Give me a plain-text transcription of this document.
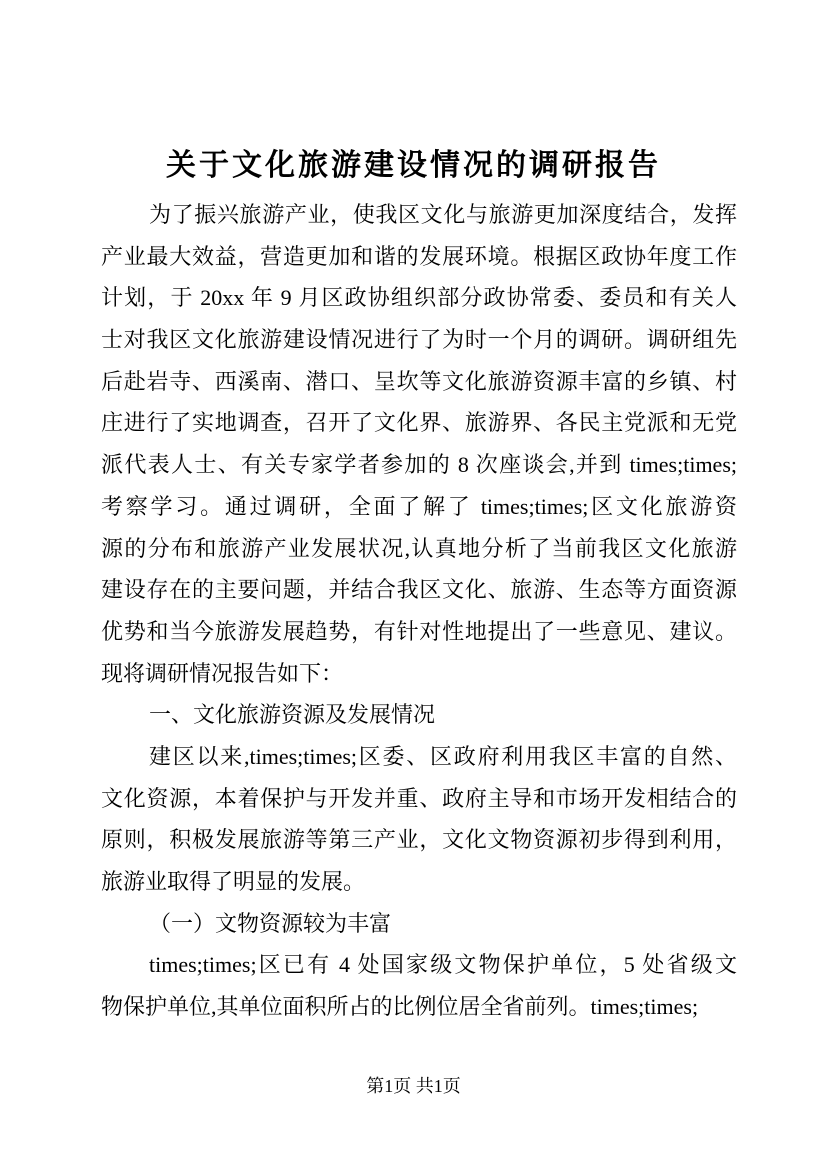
关于文化旅游建设情况的调研报告
为了振兴旅游产业，使我区文化与旅游更加深度结合，发挥
产业最大效益，营造更加和谐的发展环境。根据区政协年度工作
计划，于 20xx 年 9 月区政协组织部分政协常委、委员和有关人
士对我区文化旅游建设情况进行了为时一个月的调研。调研组先
后赴岩寺、西溪南、潜口、呈坎等文化旅游资源丰富的乡镇、村
庄进行了实地调查，召开了文化界、旅游界、各民主党派和无党
派代表人士、有关专家学者参加的 8 次座谈会,并到 times;times;
考察学习。通过调研，全面了解了 times;times;区文化旅游资
源的分布和旅游产业发展状况,认真地分析了当前我区文化旅游
建设存在的主要问题，并结合我区文化、旅游、生态等方面资源
优势和当今旅游发展趋势，有针对性地提出了一些意见、建议。
现将调研情况报告如下：
一、文化旅游资源及发展情况
建区以来,times;times;区委、区政府利用我区丰富的自然、
文化资源，本着保护与开发并重、政府主导和市场开发相结合的
原则，积极发展旅游等第三产业，文化文物资源初步得到利用，
旅游业取得了明显的发展。
（一）文物资源较为丰富
times;times;区已有 4 处国家级文物保护单位，5 处省级文
物保护单位,其单位面积所占的比例位居全省前列。times;times;
第1页 共1页
